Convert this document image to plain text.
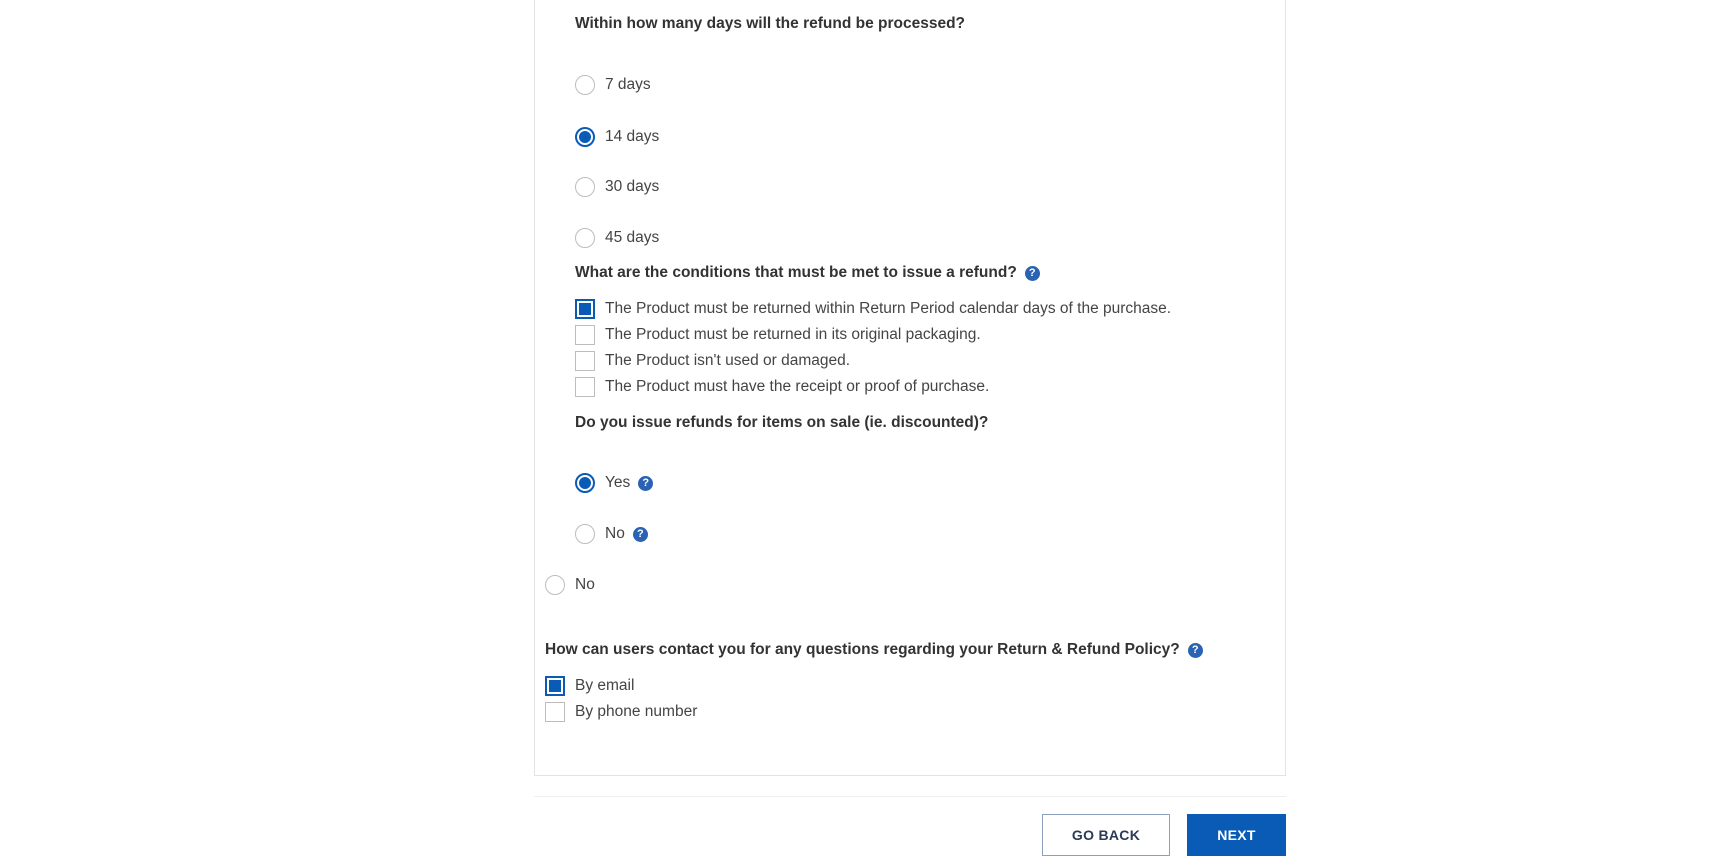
Within how many days will the refund be processed?
7 days
14 days
30 days
45 days
What are the conditions that must be met to issue a refund?	?
The Product must be returned within Return Period calendar days of the purchase.
The Product must be returned in its original packaging.
The Product isn't used or damaged.
The Product must have the receipt or proof of purchase.
Do you issue refunds for items on sale (ie. discounted)?
Yes	?
No	?
No
How can users contact you for any questions regarding your Return & Refund Policy?	?
By email
By phone number
GO BACK	NEXT
